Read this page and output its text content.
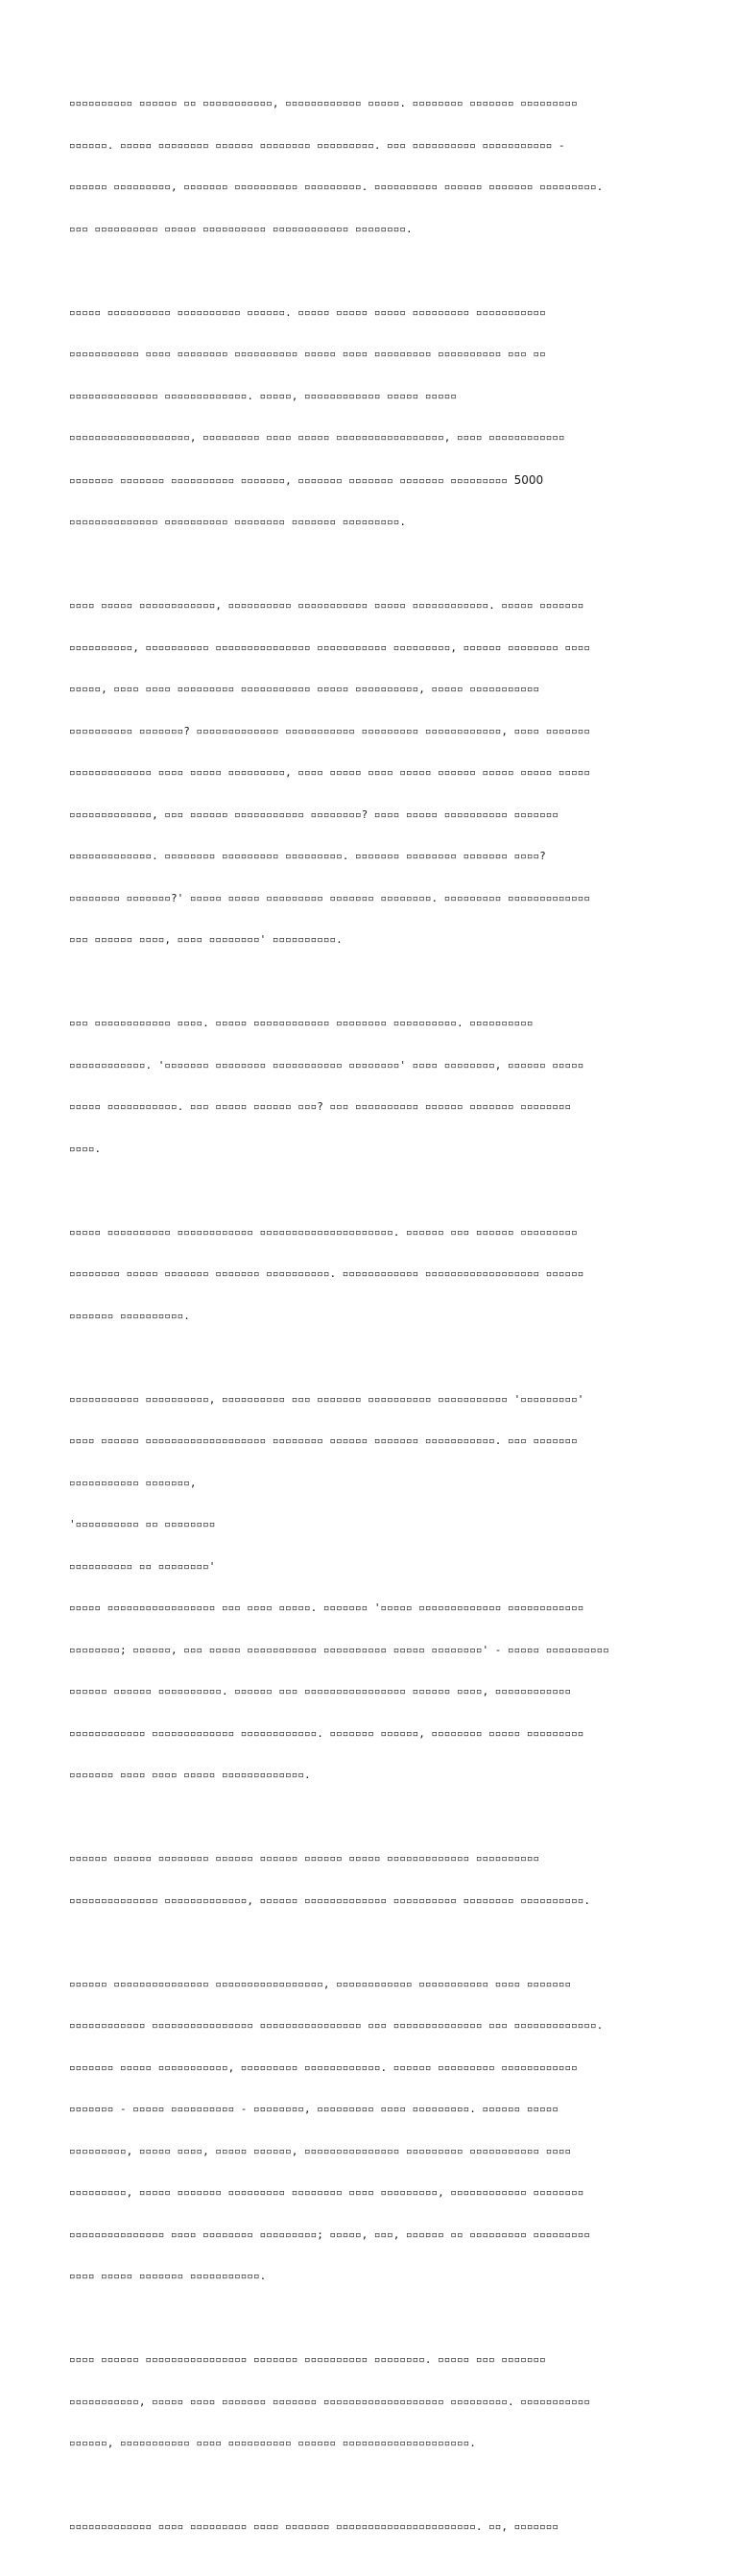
▫▫▫▫▫▫▫▫▫▫ ▫▫▫▫▫▫ ▫▫ ▫▫▫▫▫▫▫▫▫▫▫, ▫▫▫▫▫▫▫▫▫▫▫▫ ▫▫▫▫▫. ▫▫▫▫▫▫▫▫ ▫▫▫▫▫▫▫ ▫▫▫▫▫▫▫▫▫

▫▫▫▫▫▫. ▫▫▫▫▫ ▫▫▫▫▫▫▫▫ ▫▫▫▫▫▫ ▫▫▫▫▫▫▫▫ ▫▫▫▫▫▫▫▫▫. ▫▫▫ ▫▫▫▫▫▫▫▫▫▫ ▫▫▫▫▫▫▫▫▫▫▫ -

▫▫▫▫▫▫ ▫▫▫▫▫▫▫▫▫, ▫▫▫▫▫▫▫ ▫▫▫▫▫▫▫▫▫▫ ▫▫▫▫▫▫▫▫▫. ▫▫▫▫▫▫▫▫▫▫ ▫▫▫▫▫▫ ▫▫▫▫▫▫▫ ▫▫▫▫▫▫▫▫▫.

▫▫▫ ▫▫▫▫▫▫▫▫▫▫ ▫▫▫▫▫ ▫▫▫▫▫▫▫▫▫▫ ▫▫▫▫▫▫▫▫▫▫▫▫ ▫▫▫▫▫▫▫▫.

▫▫▫▫▫ ▫▫▫▫▫▫▫▫▫▫ ▫▫▫▫▫▫▫▫▫▫ ▫▫▫▫▫▫. ▫▫▫▫▫ ▫▫▫▫▫ ▫▫▫▫▫ ▫▫▫▫▫▫▫▫▫ ▫▫▫▫▫▫▫▫▫▫▫

▫▫▫▫▫▫▫▫▫▫▫ ▫▫▫▫ ▫▫▫▫▫▫▫▫ ▫▫▫▫▫▫▫▫▫▫ ▫▫▫▫▫ ▫▫▫▫ ▫▫▫▫▫▫▫▫▫ ▫▫▫▫▫▫▫▫▫▫ ▫▫▫ ▫▫

▫▫▫▫▫▫▫▫▫▫▫▫▫▫ ▫▫▫▫▫▫▫▫▫▫▫▫▫. ▫▫▫▫▫, ▫▫▫▫▫▫▫▫▫▫▫▫ ▫▫▫▫▫ ▫▫▫▫▫

▫▫▫▫▫▫▫▫▫▫▫▫▫▫▫▫▫▫▫, ▫▫▫▫▫▫▫▫▫ ▫▫▫▫ ▫▫▫▫▫ ▫▫▫▫▫▫▫▫▫▫▫▫▫▫▫▫▫, ▫▫▫▫ ▫▫▫▫▫▫▫▫▫▫▫▫

▫▫▫▫▫▫▫ ▫▫▫▫▫▫▫ ▫▫▫▫▫▫▫▫▫▫ ▫▫▫▫▫▫▫, ▫▫▫▫▫▫▫ ▫▫▫▫▫▫▫ ▫▫▫▫▫▫▫ ▫▫▫▫▫▫▫▫▫ 5000

▫▫▫▫▫▫▫▫▫▫▫▫▫▫ ▫▫▫▫▫▫▫▫▫▫ ▫▫▫▫▫▫▫▫ ▫▫▫▫▫▫▫ ▫▫▫▫▫▫▫▫▫.

▫▫▫▫ ▫▫▫▫▫ ▫▫▫▫▫▫▫▫▫▫▫▫, ▫▫▫▫▫▫▫▫▫▫ ▫▫▫▫▫▫▫▫▫▫▫ ▫▫▫▫▫ ▫▫▫▫▫▫▫▫▫▫▫▫. ▫▫▫▫▫ ▫▫▫▫▫▫▫

▫▫▫▫▫▫▫▫▫▫, ▫▫▫▫▫▫▫▫▫▫ ▫▫▫▫▫▫▫▫▫▫▫▫▫▫▫ ▫▫▫▫▫▫▫▫▫▫▫ ▫▫▫▫▫▫▫▫▫, ▫▫▫▫▫▫ ▫▫▫▫▫▫▫▫ ▫▫▫▫

▫▫▫▫▫, ▫▫▫▫ ▫▫▫▫ ▫▫▫▫▫▫▫▫▫ ▫▫▫▫▫▫▫▫▫▫▫ ▫▫▫▫▫ ▫▫▫▫▫▫▫▫▫▫, ▫▫▫▫▫ ▫▫▫▫▫▫▫▫▫▫▫

▫▫▫▫▫▫▫▫▫▫ ▫▫▫▫▫▫▫? ▫▫▫▫▫▫▫▫▫▫▫▫▫ ▫▫▫▫▫▫▫▫▫▫▫ ▫▫▫▫▫▫▫▫▫ ▫▫▫▫▫▫▫▫▫▫▫▫, ▫▫▫▫ ▫▫▫▫▫▫▫

▫▫▫▫▫▫▫▫▫▫▫▫▫ ▫▫▫▫ ▫▫▫▫▫ ▫▫▫▫▫▫▫▫▫, ▫▫▫▫ ▫▫▫▫▫ ▫▫▫▫ ▫▫▫▫▫ ▫▫▫▫▫▫ ▫▫▫▫▫ ▫▫▫▫▫ ▫▫▫▫▫

▫▫▫▫▫▫▫▫▫▫▫▫▫, ▫▫▫ ▫▫▫▫▫▫ ▫▫▫▫▫▫▫▫▫▫▫ ▫▫▫▫▫▫▫▫? ▫▫▫▫ ▫▫▫▫▫ ▫▫▫▫▫▫▫▫▫▫ ▫▫▫▫▫▫▫

▫▫▫▫▫▫▫▫▫▫▫▫▫. ▫▫▫▫▫▫▫▫ ▫▫▫▫▫▫▫▫▫ ▫▫▫▫▫▫▫▫▫. ▫▫▫▫▫▫▫ ▫▫▫▫▫▫▫▫ ▫▫▫▫▫▫▫ ▫▫▫▫?

▫▫▫▫▫▫▫▫ ▫▫▫▫▫▫▫?' ▫▫▫▫▫ ▫▫▫▫▫ ▫▫▫▫▫▫▫▫▫ ▫▫▫▫▫▫▫ ▫▫▫▫▫▫▫▫. ▫▫▫▫▫▫▫▫▫ ▫▫▫▫▫▫▫▫▫▫▫▫▫

▫▫▫ ▫▫▫▫▫▫ ▫▫▫▫, ▫▫▫▫ ▫▫▫▫▫▫▫▫' ▫▫▫▫▫▫▫▫▫▫.

▫▫▫ ▫▫▫▫▫▫▫▫▫▫▫▫ ▫▫▫▫. ▫▫▫▫▫ ▫▫▫▫▫▫▫▫▫▫▫▫ ▫▫▫▫▫▫▫▫ ▫▫▫▫▫▫▫▫▫▫. ▫▫▫▫▫▫▫▫▫▫

▫▫▫▫▫▫▫▫▫▫▫▫. '▫▫▫▫▫▫▫ ▫▫▫▫▫▫▫▫ ▫▫▫▫▫▫▫▫▫▫▫ ▫▫▫▫▫▫▫▫' ▫▫▫▫ ▫▫▫▫▫▫▫▫, ▫▫▫▫▫▫ ▫▫▫▫▫

▫▫▫▫▫ ▫▫▫▫▫▫▫▫▫▫▫. ▫▫▫ ▫▫▫▫▫ ▫▫▫▫▫▫ ▫▫▫? ▫▫▫ ▫▫▫▫▫▫▫▫▫▫ ▫▫▫▫▫▫ ▫▫▫▫▫▫▫ ▫▫▫▫▫▫▫▫

▫▫▫▫.

▫▫▫▫▫ ▫▫▫▫▫▫▫▫▫▫ ▫▫▫▫▫▫▫▫▫▫▫▫ ▫▫▫▫▫▫▫▫▫▫▫▫▫▫▫▫▫▫▫▫▫. ▫▫▫▫▫▫ ▫▫▫ ▫▫▫▫▫▫ ▫▫▫▫▫▫▫▫▫

▫▫▫▫▫▫▫▫ ▫▫▫▫▫ ▫▫▫▫▫▫▫ ▫▫▫▫▫▫▫ ▫▫▫▫▫▫▫▫▫▫. ▫▫▫▫▫▫▫▫▫▫▫▫ ▫▫▫▫▫▫▫▫▫▫▫▫▫▫▫▫▫▫ ▫▫▫▫▫▫

▫▫▫▫▫▫▫ ▫▫▫▫▫▫▫▫▫▫.

▫▫▫▫▫▫▫▫▫▫▫ ▫▫▫▫▫▫▫▫▫▫, ▫▫▫▫▫▫▫▫▫▫ ▫▫▫ ▫▫▫▫▫▫▫ ▫▫▫▫▫▫▫▫▫▫ ▫▫▫▫▫▫▫▫▫▫▫ '▫▫▫▫▫▫▫▫▫'

▫▫▫▫ ▫▫▫▫▫▫ ▫▫▫▫▫▫▫▫▫▫▫▫▫▫▫▫▫▫▫ ▫▫▫▫▫▫▫▫ ▫▫▫▫▫▫ ▫▫▫▫▫▫▫ ▫▫▫▫▫▫▫▫▫▫▫. ▫▫▫ ▫▫▫▫▫▫▫

▫▫▫▫▫▫▫▫▫▫▫ ▫▫▫▫▫▫▫,

'▫▫▫▫▫▫▫▫▫▫ ▫▫ ▫▫▫▫▫▫▫▫

▫▫▫▫▫▫▫▫▫▫ ▫▫ ▫▫▫▫▫▫▫▫'

▫▫▫▫▫ ▫▫▫▫▫▫▫▫▫▫▫▫▫▫▫▫▫ ▫▫▫ ▫▫▫▫ ▫▫▫▫▫. ▫▫▫▫▫▫▫ '▫▫▫▫▫ ▫▫▫▫▫▫▫▫▫▫▫▫▫ ▫▫▫▫▫▫▫▫▫▫▫▫

▫▫▫▫▫▫▫▫; ▫▫▫▫▫▫, ▫▫▫ ▫▫▫▫▫ ▫▫▫▫▫▫▫▫▫▫▫ ▫▫▫▫▫▫▫▫▫▫ ▫▫▫▫▫ ▫▫▫▫▫▫▫▫' - ▫▫▫▫▫ ▫▫▫▫▫▫▫▫▫▫

▫▫▫▫▫▫ ▫▫▫▫▫▫ ▫▫▫▫▫▫▫▫▫▫. ▫▫▫▫▫▫ ▫▫▫ ▫▫▫▫▫▫▫▫▫▫▫▫▫▫▫▫ ▫▫▫▫▫▫ ▫▫▫▫, ▫▫▫▫▫▫▫▫▫▫▫▫

▫▫▫▫▫▫▫▫▫▫▫▫ ▫▫▫▫▫▫▫▫▫▫▫▫▫ ▫▫▫▫▫▫▫▫▫▫▫▫. ▫▫▫▫▫▫▫ ▫▫▫▫▫▫, ▫▫▫▫▫▫▫▫ ▫▫▫▫▫ ▫▫▫▫▫▫▫▫▫

▫▫▫▫▫▫▫ ▫▫▫▫ ▫▫▫▫ ▫▫▫▫▫ ▫▫▫▫▫▫▫▫▫▫▫▫▫.

▫▫▫▫▫▫ ▫▫▫▫▫▫ ▫▫▫▫▫▫▫▫ ▫▫▫▫▫▫ ▫▫▫▫▫▫ ▫▫▫▫▫▫ ▫▫▫▫▫ ▫▫▫▫▫▫▫▫▫▫▫▫▫ ▫▫▫▫▫▫▫▫▫▫

▫▫▫▫▫▫▫▫▫▫▫▫▫▫ ▫▫▫▫▫▫▫▫▫▫▫▫▫, ▫▫▫▫▫▫ ▫▫▫▫▫▫▫▫▫▫▫▫▫ ▫▫▫▫▫▫▫▫▫▫ ▫▫▫▫▫▫▫▫ ▫▫▫▫▫▫▫▫▫▫.

▫▫▫▫▫▫ ▫▫▫▫▫▫▫▫▫▫▫▫▫▫▫ ▫▫▫▫▫▫▫▫▫▫▫▫▫▫▫▫▫, ▫▫▫▫▫▫▫▫▫▫▫▫ ▫▫▫▫▫▫▫▫▫▫▫ ▫▫▫▫ ▫▫▫▫▫▫▫

▫▫▫▫▫▫▫▫▫▫▫▫ ▫▫▫▫▫▫▫▫▫▫▫▫▫▫▫▫ ▫▫▫▫▫▫▫▫▫▫▫▫▫▫▫▫ ▫▫▫ ▫▫▫▫▫▫▫▫▫▫▫▫▫▫ ▫▫▫ ▫▫▫▫▫▫▫▫▫▫▫▫▫.

▫▫▫▫▫▫▫ ▫▫▫▫▫ ▫▫▫▫▫▫▫▫▫▫▫, ▫▫▫▫▫▫▫▫▫ ▫▫▫▫▫▫▫▫▫▫▫▫. ▫▫▫▫▫▫ ▫▫▫▫▫▫▫▫▫ ▫▫▫▫▫▫▫▫▫▫▫▫

▫▫▫▫▫▫▫ - ▫▫▫▫▫ ▫▫▫▫▫▫▫▫▫▫ - ▫▫▫▫▫▫▫▫, ▫▫▫▫▫▫▫▫▫ ▫▫▫▫ ▫▫▫▫▫▫▫▫▫. ▫▫▫▫▫▫ ▫▫▫▫▫

▫▫▫▫▫▫▫▫▫, ▫▫▫▫▫ ▫▫▫▫, ▫▫▫▫▫ ▫▫▫▫▫▫, ▫▫▫▫▫▫▫▫▫▫▫▫▫▫▫ ▫▫▫▫▫▫▫▫▫ ▫▫▫▫▫▫▫▫▫▫▫ ▫▫▫▫

▫▫▫▫▫▫▫▫▫, ▫▫▫▫▫ ▫▫▫▫▫▫▫ ▫▫▫▫▫▫▫▫▫ ▫▫▫▫▫▫▫▫ ▫▫▫▫ ▫▫▫▫▫▫▫▫▫, ▫▫▫▫▫▫▫▫▫▫▫▫ ▫▫▫▫▫▫▫▫

▫▫▫▫▫▫▫▫▫▫▫▫▫▫▫ ▫▫▫▫ ▫▫▫▫▫▫▫▫ ▫▫▫▫▫▫▫▫▫; ▫▫▫▫▫, ▫▫▫, ▫▫▫▫▫▫ ▫▫ ▫▫▫▫▫▫▫▫▫ ▫▫▫▫▫▫▫▫▫

▫▫▫▫ ▫▫▫▫▫ ▫▫▫▫▫▫▫ ▫▫▫▫▫▫▫▫▫▫▫.

▫▫▫▫ ▫▫▫▫▫▫ ▫▫▫▫▫▫▫▫▫▫▫▫▫▫▫▫ ▫▫▫▫▫▫▫ ▫▫▫▫▫▫▫▫▫▫ ▫▫▫▫▫▫▫▫. ▫▫▫▫▫ ▫▫▫ ▫▫▫▫▫▫▫

▫▫▫▫▫▫▫▫▫▫▫, ▫▫▫▫▫ ▫▫▫▫ ▫▫▫▫▫▫▫ ▫▫▫▫▫▫▫ ▫▫▫▫▫▫▫▫▫▫▫▫▫▫▫▫▫▫▫ ▫▫▫▫▫▫▫▫▫. ▫▫▫▫▫▫▫▫▫▫▫

▫▫▫▫▫▫, ▫▫▫▫▫▫▫▫▫▫▫ ▫▫▫▫ ▫▫▫▫▫▫▫▫▫▫ ▫▫▫▫▫▫ ▫▫▫▫▫▫▫▫▫▫▫▫▫▫▫▫▫▫▫▫.

▫▫▫▫▫▫▫▫▫▫▫▫▫ ▫▫▫▫ ▫▫▫▫▫▫▫▫▫ ▫▫▫▫ ▫▫▫▫▫▫▫ ▫▫▫▫▫▫▫▫▫▫▫▫▫▫▫▫▫▫▫▫▫▫. ▫▫, ▫▫▫▫▫▫▫
